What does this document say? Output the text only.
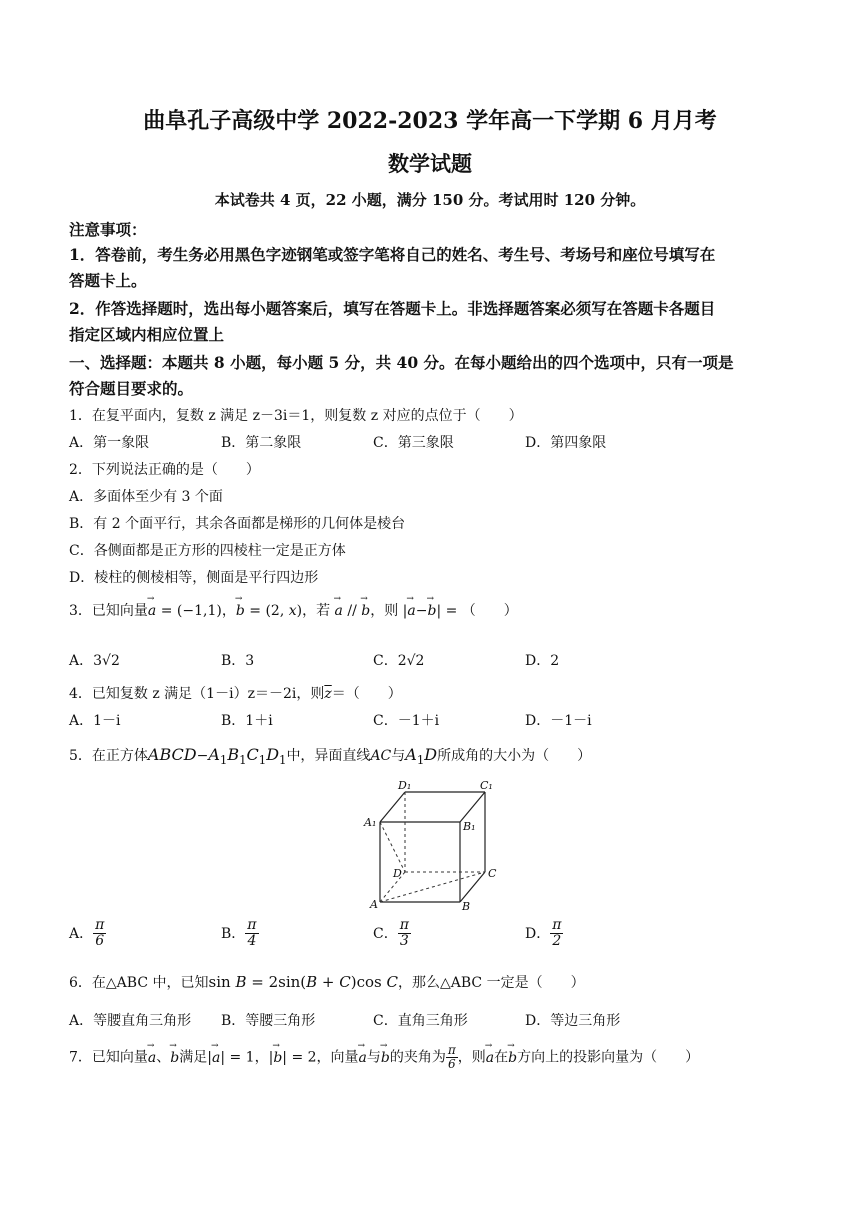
曲阜孔子高级中学 2022-2023 学年高一下学期 6 月月考
数学试题
本试卷共 4 页，22 小题，满分 150 分。考试用时 120 分钟。
注意事项：
1．答卷前，考生务必用黑色字迹钢笔或签字笔将自己的姓名、考生号、考场号和座位号填写在
答题卡上。
2．作答选择题时，选出每小题答案后，填写在答题卡上。非选择题答案必须写在答题卡各题目
指定区域内相应位置上
一、选择题：本题共 8 小题，每小题 5 分，共 40 分。在每小题给出的四个选项中，只有一项是
符合题目要求的。
1．在复平面内，复数 z 满足 z－3i＝1，则复数 z 对应的点位于（　　）
A．第一象限	B．第二象限	C．第三象限	D．第四象限
2．下列说法正确的是（　　）
A．多面体至少有 3 个面
B．有 2 个面平行，其余各面都是梯形的几何体是棱台
C．各侧面都是正方形的四棱柱一定是正方体
D．棱柱的侧棱相等，侧面是平行四边形
3．已知向量→ a = (−1,1)，→ b = (2, x)，若 → a // → b，则 |→ a−→ b| = （　　）
A．3√2	B．3	C．2√2	D．2
4．已知复数 z 满足（1－i）z＝－2i，则$\overline{z}=$（　　）
A．1－i	B．1＋i	C．－1＋i	D．－1－i
5．在正方体$ABCD-A_1B_1C_1D_1$中，异面直线AC与$A_1D$所成角的大小为（　　）
D₁	C₁
A₁	B₁
D	C
A	B
A． $\frac{\pi}{6}$	B． $\frac{\pi}{4}$	C． $\frac{\pi}{3}$	D． $\frac{\pi}{2}$
6．在△ABC 中，已知sin B = 2sin(B + C)cos C，那么△ABC 一定是（　　）
A．等腰直角三角形 B．等腰三角形	C．直角三角形	D．等边三角形
7．已知向量→ a、→ b满足|→ a| = 1，|→ b| = 2，向量→ a与→ b的夹角为 $\frac{\pi}{6}$ ，则→ a在→ b方向上的投影向量为（　　）
